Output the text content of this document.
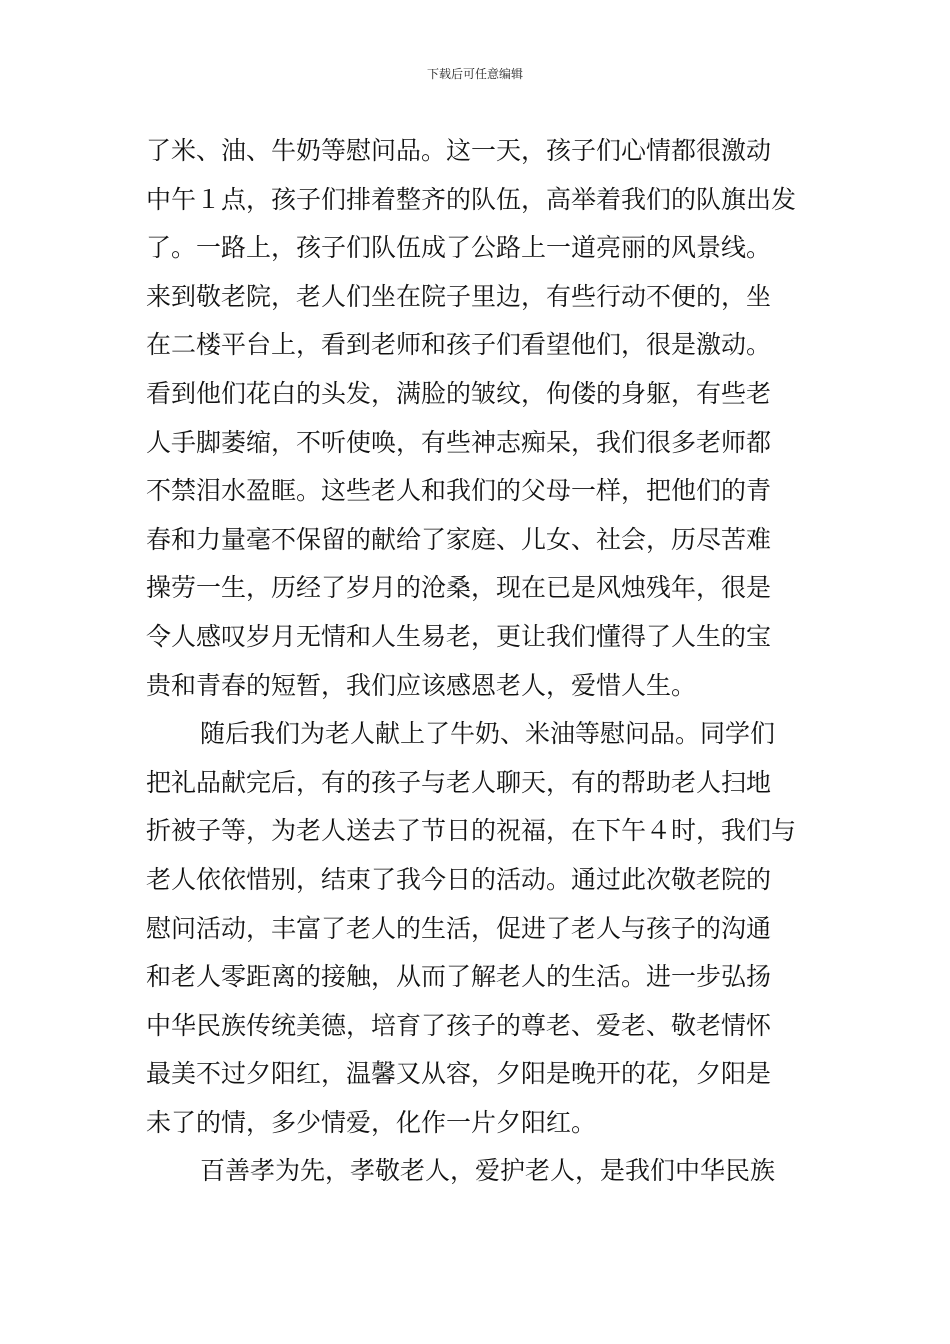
下载后可任意编辑
了米、油、牛奶等慰问品。这一天，孩子们心情都很激动
中午１点，孩子们排着整齐的队伍，高举着我们的队旗出发
了。一路上，孩子们队伍成了公路上一道亮丽的风景线。
来到敬老院，老人们坐在院子里边，有些行动不便的，坐
在二楼平台上，看到老师和孩子们看望他们，很是激动。
看到他们花白的头发，满脸的皱纹，佝偻的身躯，有些老
人手脚萎缩，不听使唤，有些神志痴呆，我们很多老师都
不禁泪水盈眶。这些老人和我们的父母一样，把他们的青
春和力量毫不保留的献给了家庭、儿女、社会，历尽苦难
操劳一生，历经了岁月的沧桑，现在已是风烛残年，很是
令人感叹岁月无情和人生易老，更让我们懂得了人生的宝
贵和青春的短暂，我们应该感恩老人，爱惜人生。
随后我们为老人献上了牛奶、米油等慰问品。同学们
把礼品献完后，有的孩子与老人聊天，有的帮助老人扫地
折被子等，为老人送去了节日的祝福，在下午４时，我们与
老人依依惜别，结束了我今日的活动。通过此次敬老院的
慰问活动，丰富了老人的生活，促进了老人与孩子的沟通
和老人零距离的接触，从而了解老人的生活。进一步弘扬
中华民族传统美德，培育了孩子的尊老、爱老、敬老情怀
最美不过夕阳红，温馨又从容，夕阳是晚开的花，夕阳是
未了的情，多少情爱，化作一片夕阳红。
百善孝为先，孝敬老人，爱护老人，是我们中华民族
